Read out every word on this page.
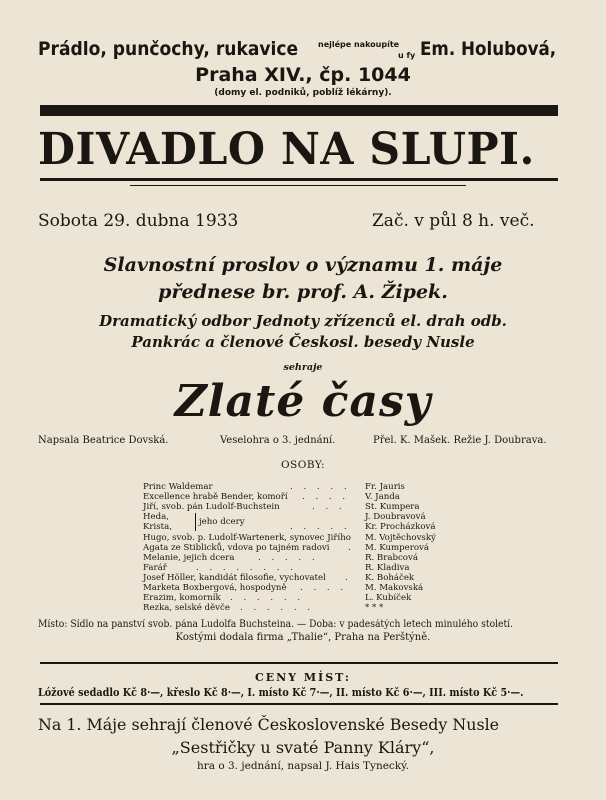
Prádlo, punčochy, rukavice nejlépe nakoupíte
u fy Em. Holubová,
Praha XIV., čp. 1044
(domy el. podniků, poblíž lékárny).
DIVADLO NA SLUPI.
Sobota 29. dubna 1933	Zač. v půl 8 h. več.
Slavnostní proslov o významu 1. máje
přednese br. prof. A. Žipek.
Dramatický odbor Jednoty zřízenců el. drah odb.
Pankrác a členové Českosl. besedy Nusle
sehraje
Zlaté časy
Napsala Beatrice Dovská.	Veselohra o 3. jednání.	Přel. K. Mašek. Režie J. Doubrava.
OSOBY:
Princ Waldemar	. . . . . Fr. Jauris
Excellence hrabě Bender, komoří . . . . V. Janda
Jiří, svob. pán Ludolf-Buchstein	. . . St. Kumpera
Heda,	J. Doubravová
Krista,	. . . . . Kr. Procházková
jeho dcery
Hugo, svob. p. Ludolf-Wartenerk, synovec Jiřího M. Vojtěchovský
Agata ze Stiblicků, vdova po tajném radovi . M. Kumperová
Melanie, jejich dcera	. . . . .	R. Brabcová
Farář	. . . . . . . .	R. Kladiva
Josef Höller, kandidát filosofie, vychovatel . K. Boháček
Marketa Boxbergová, hospodyně . . . . M. Makovská
Erazim, komorník . . . . . .	L. Kubíček
Rezka, selské děvče . . . . . .	* * *
Místo: Sídlo na panství svob. pána Ludolfa Buchsteina. — Doba: v padesátých letech minulého století.
Kostými dodala firma „Thalie“, Praha na Perštýně.
CENY MÍST:
Lóžové sedadlo Kč 8·—, křeslo Kč 8·—, I. místo Kč 7·—, II. místo Kč 6·—, III. místo Kč 5·—.
Na 1. Máje sehrají členové Československé Besedy Nusle
„Sestřičky u svaté Panny Kláry“,
hra o 3. jednání, napsal J. Hais Tynecký.
